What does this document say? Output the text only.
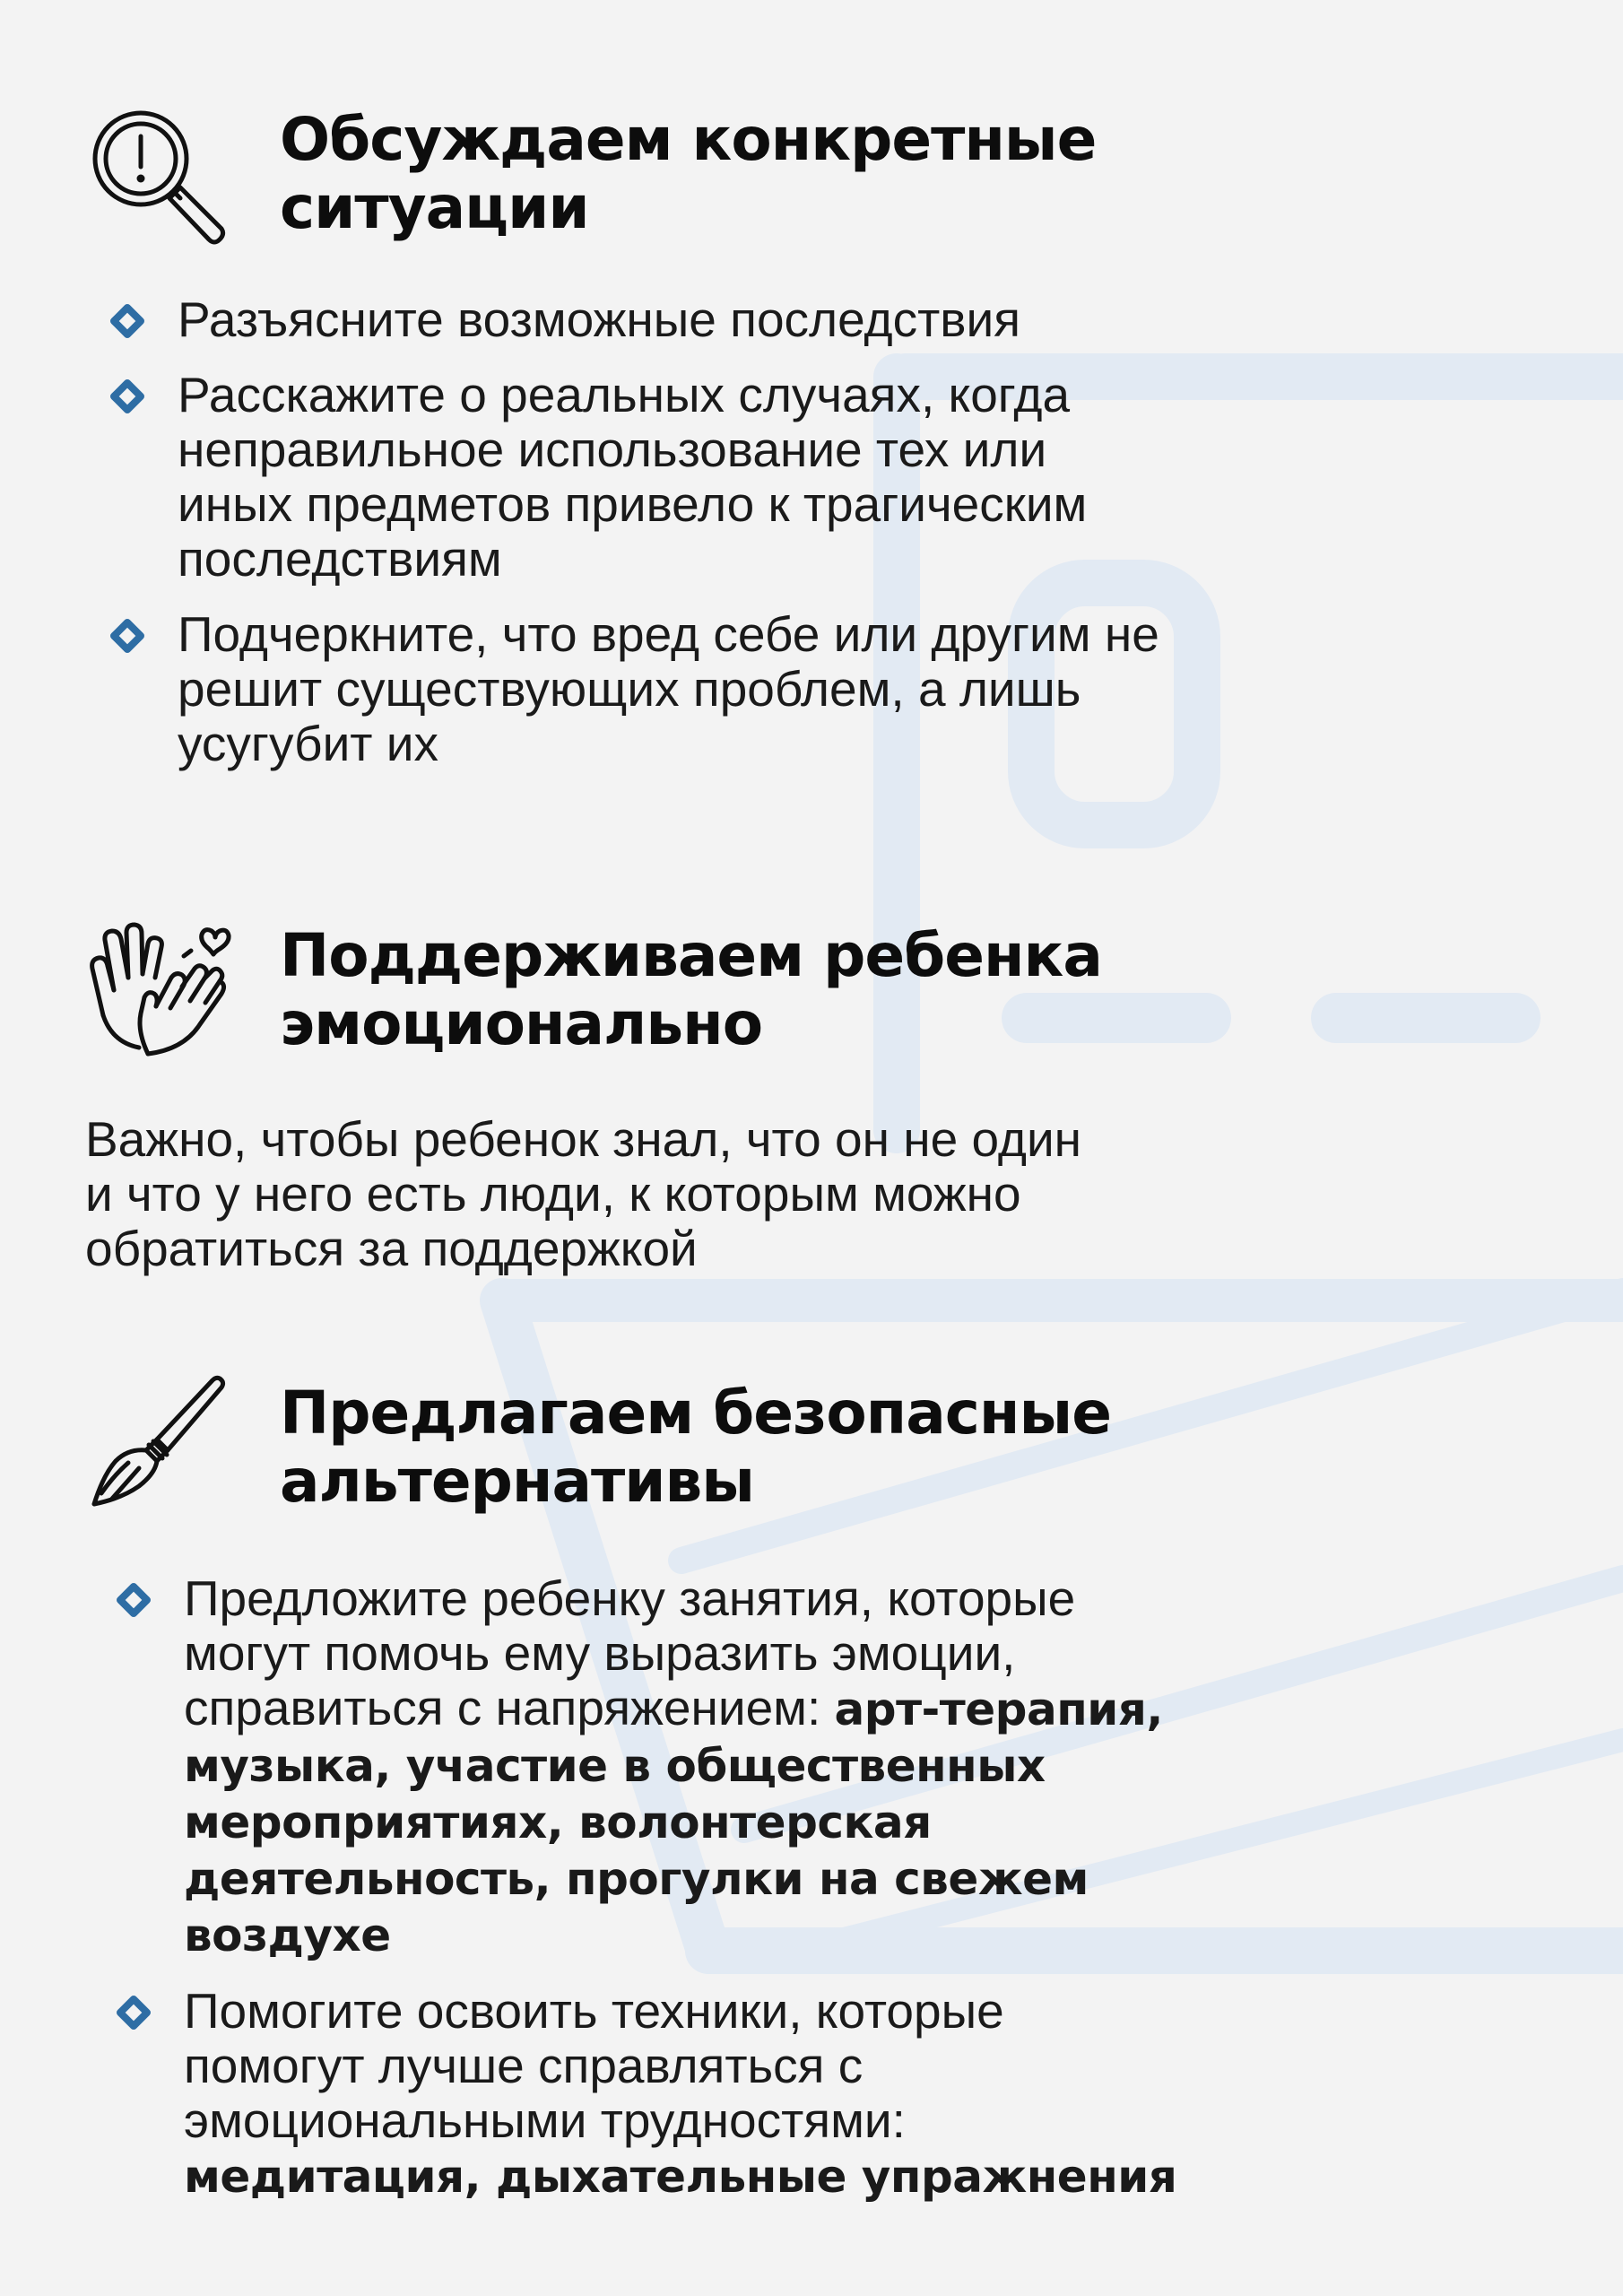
Обсуждаем конкретные
ситуации
Разъясните возможные последствия
Расскажите о реальных случаях, когда
неправильное использование тех или
иных предметов привело к трагическим
последствиям
Подчеркните, что вред себе или другим не
решит существующих проблем, а лишь
усугубит их
Поддерживаем ребенка
эмоционально

Важно, чтобы ребенок знал, что он не один
и что у него есть люди, к которым можно
обратиться за поддержкой

Предлагаем безопасные
альтернативы
Предложите ребенку занятия, которые
могут помочь ему выразить эмоции,
справиться с напряжением: арт-терапия,
музыка, участие в общественных
мероприятиях, волонтерская
деятельность, прогулки на свежем
воздухе
Помогите освоить техники, которые
помогут лучше справляться с
эмоциональными трудностями:
медитация, дыхательные упражнения
